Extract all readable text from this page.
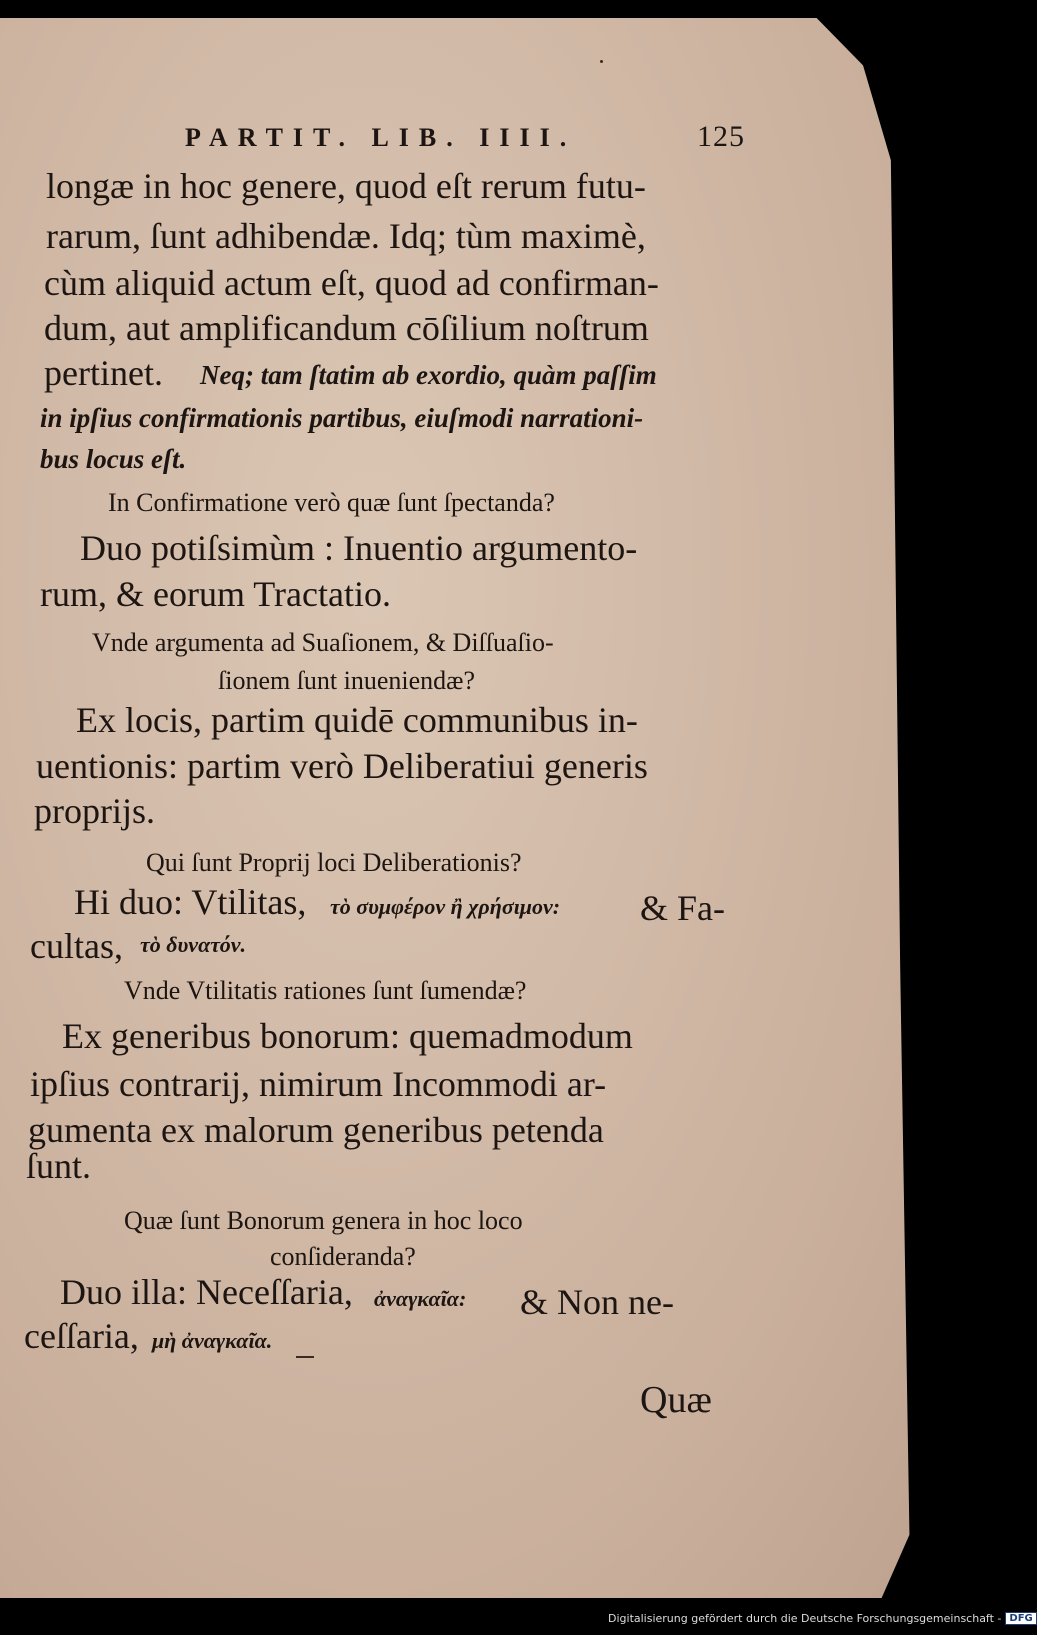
PARTIT. LIB. IIII.	125
longæ in hoc genere, quod eſt rerum futu-
rarum, ſunt adhibendæ. Idq; tùm maximè,
cùm aliquid actum eſt, quod ad confirman-
dum, aut amplificandum cōſilium noſtrum
pertinet. Neq; tam ſtatim ab exordio, quàm paſſim
in ipſius confirmationis partibus, eiuſmodi narrationi-
bus locus eſt.
In Confirmatione verò quæ ſunt ſpectanda?
Duo potiſsimùm : Inuentio argumento-
rum, & eorum Tractatio.
Vnde argumenta ad Suaſionem, & Diſſuaſio-
ſionem ſunt inueniendæ?
Ex locis, partim quidē communibus in-
uentionis: partim verò Deliberatiui generis
proprijs.
Qui ſunt Proprij loci Deliberationis?
Hi duo: Vtilitas, τὸ συμφέρον ἢ χρήσιμον: & Fa-
cultas, τὸ δυνατόν.
Vnde Vtilitatis rationes ſunt ſumendæ?
Ex generibus bonorum: quemadmodum
ipſius contrarij, nimirum Incommodi ar-
gumenta ex malorum generibus petenda
ſunt.
Quæ ſunt Bonorum genera in hoc loco
conſideranda?
Duo illa: Neceſſaria, ἀναγκαῖα: & Non ne-
ceſſaria, μὴ ἀναγκαῖα.
Quæ
Digitalisierung gefördert durch die Deutsche Forschungsgemeinschaft - DFG
